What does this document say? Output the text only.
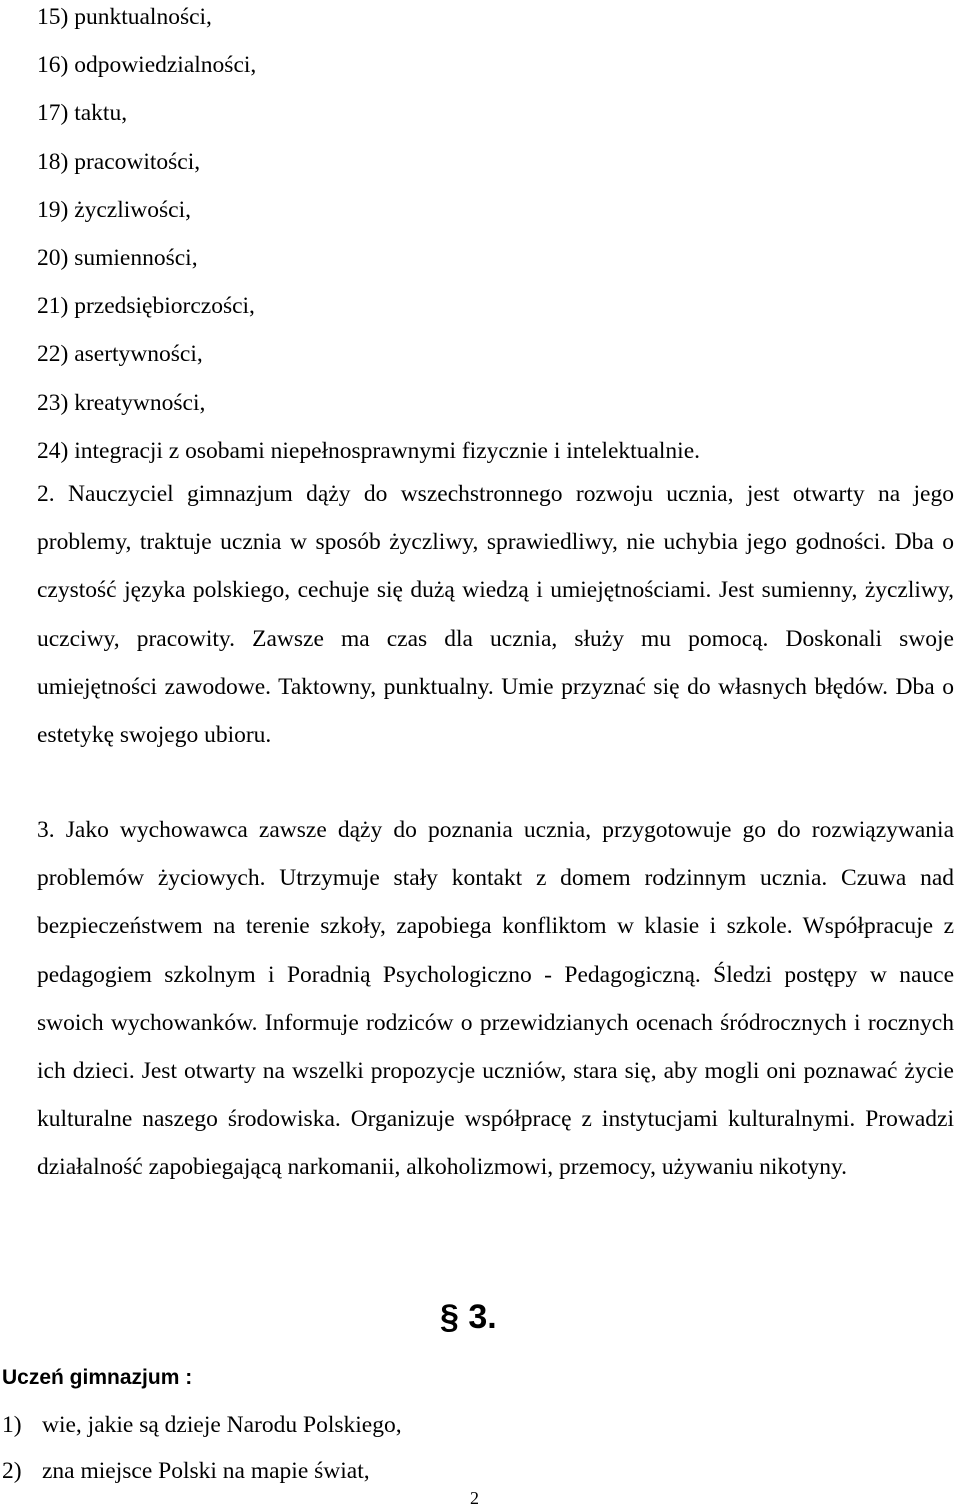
15) punktualności,
16) odpowiedzialności,
17) taktu,
18) pracowitości,
19) życzliwości,
20) sumienności,
21) przedsiębiorczości,
22) asertywności,
23) kreatywności,
24) integracji z osobami niepełnosprawnymi fizycznie i intelektualnie.

2. Nauczyciel gimnazjum dąży do wszechstronnego rozwoju ucznia, jest otwarty na jego problemy, traktuje ucznia w sposób życzliwy, sprawiedliwy, nie uchybia jego godności. Dba o czystość języka polskiego, cechuje się dużą wiedzą i umiejętnościami. Jest sumienny, życzliwy, uczciwy, pracowity. Zawsze ma czas dla ucznia, służy mu pomocą. Doskonali swoje umiejętności zawodowe. Taktowny, punktualny. Umie przyznać się do własnych błędów. Dba o estetykę swojego ubioru.

3. Jako wychowawca zawsze dąży do poznania ucznia, przygotowuje go do rozwiązywania problemów życiowych. Utrzymuje stały kontakt z domem rodzinnym ucznia. Czuwa nad bezpieczeństwem na terenie szkoły, zapobiega konfliktom w klasie i szkole. Współpracuje z pedagogiem szkolnym i Poradnią Psychologiczno - Pedagogiczną. Śledzi postępy w nauce swoich wychowanków. Informuje rodziców o przewidzianych ocenach śródrocznych i rocznych ich dzieci. Jest otwarty na wszelki propozycje uczniów, stara się, aby mogli oni poznawać życie kulturalne naszego środowiska. Organizuje współpracę z instytucjami kulturalnymi. Prowadzi działalność zapobiegającą narkomanii, alkoholizmowi, przemocy, używaniu nikotyny.

§ 3.
Uczeń gimnazjum :
1) wie, jakie są dzieje Narodu Polskiego,
2) zna miejsce Polski na mapie świat,
2
